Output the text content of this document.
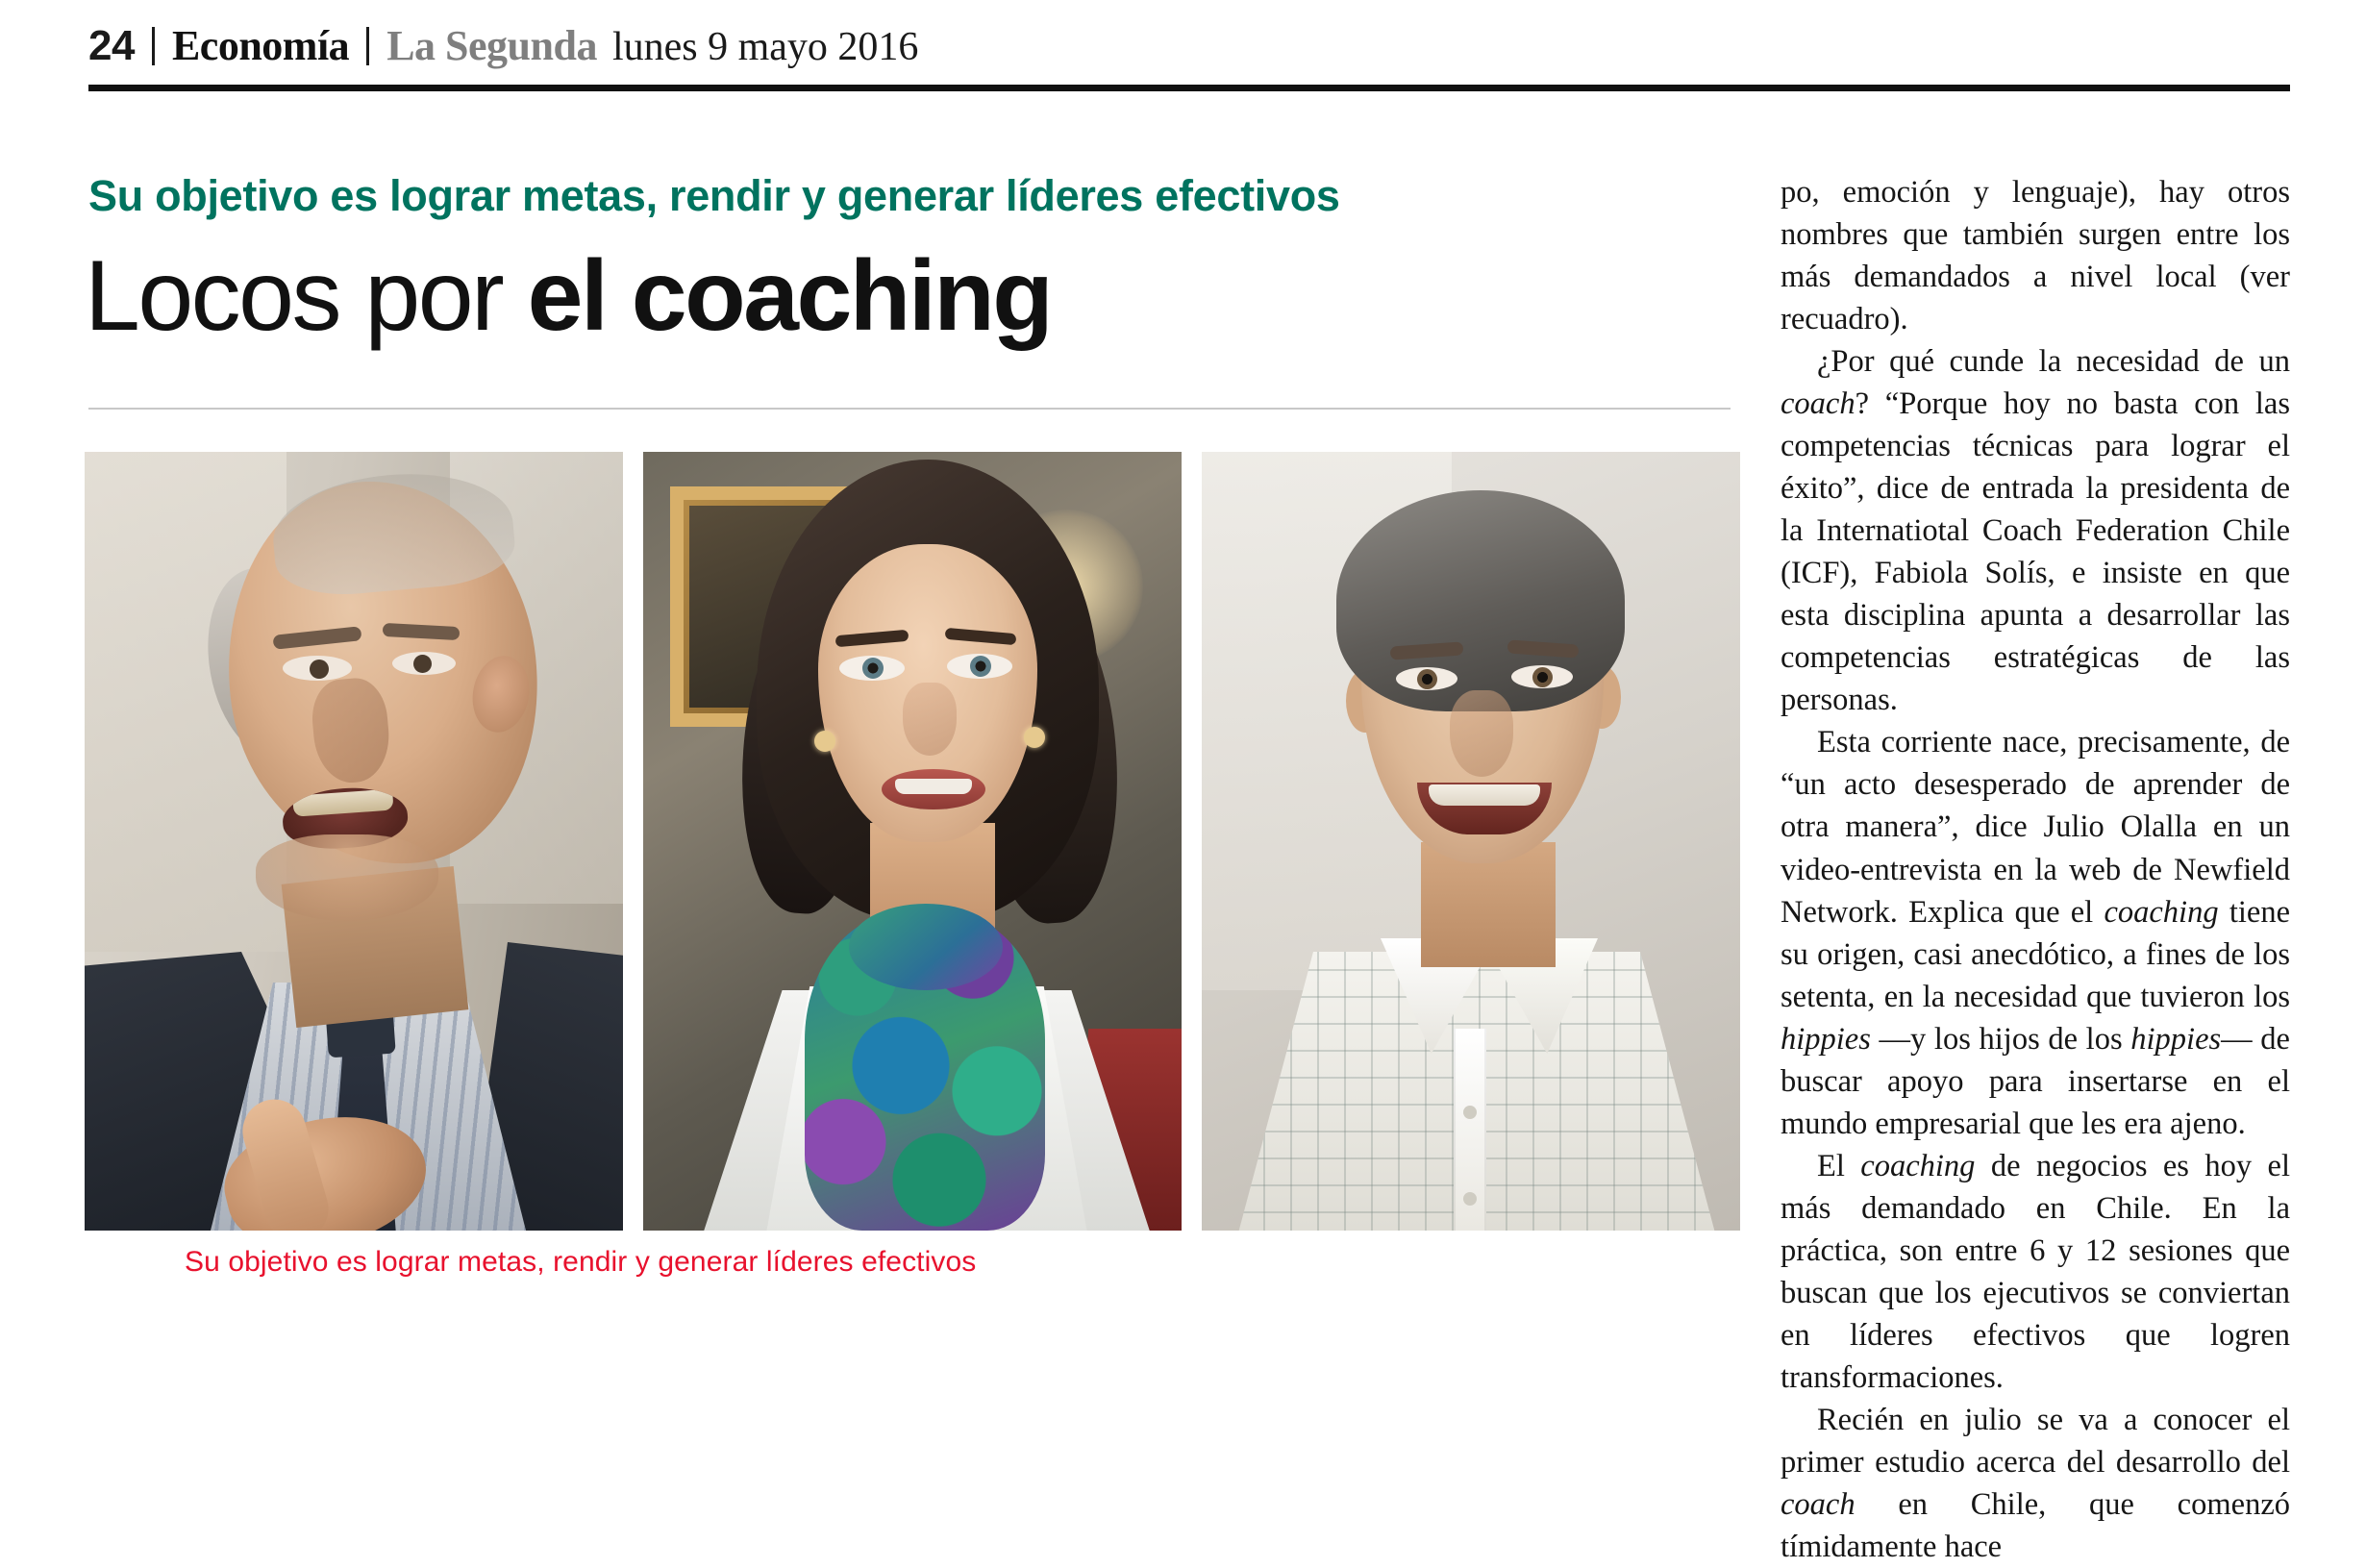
24 Economía La Segunda lunes 9 mayo 2016
Su objetivo es lograr metas, rendir y generar líderes efectivos
Locos por el coaching

po, emoción y lenguaje), hay otros nombres que también surgen entre los más demandados a nivel local (ver recuadro).

¿Por qué cunde la necesidad de un coach? “Porque hoy no basta con las competencias técnicas para lograr el éxito”, dice de entrada la presidenta de la Internatiotal Coach Federation Chile (ICF), Fabiola Solís, e insiste en que esta disciplina apunta a desarrollar las competencias estratégicas de las personas.

Esta corriente nace, precisamente, de “un acto desesperado de aprender de otra manera”, dice Julio Olalla en un video-entrevista en la web de Newfield Network. Explica que el coaching tiene su origen, casi anecdótico, a fines de los setenta, en la necesidad que tuvieron los hippies —y los hijos de los hippies— de buscar apoyo para insertarse en el mundo empresarial que les era ajeno.

El coaching de negocios es hoy el más demandado en Chile. En la práctica, son entre 6 y 12 sesiones que buscan que los ejecutivos se conviertan en líderes efectivos que logren transformaciones.

Recién en julio se va a conocer el primer estudio acerca del desarrollo del coach en Chile, que comenzó tímidamente hace

Su objetivo es lograr metas, rendir y generar líderes efectivos
